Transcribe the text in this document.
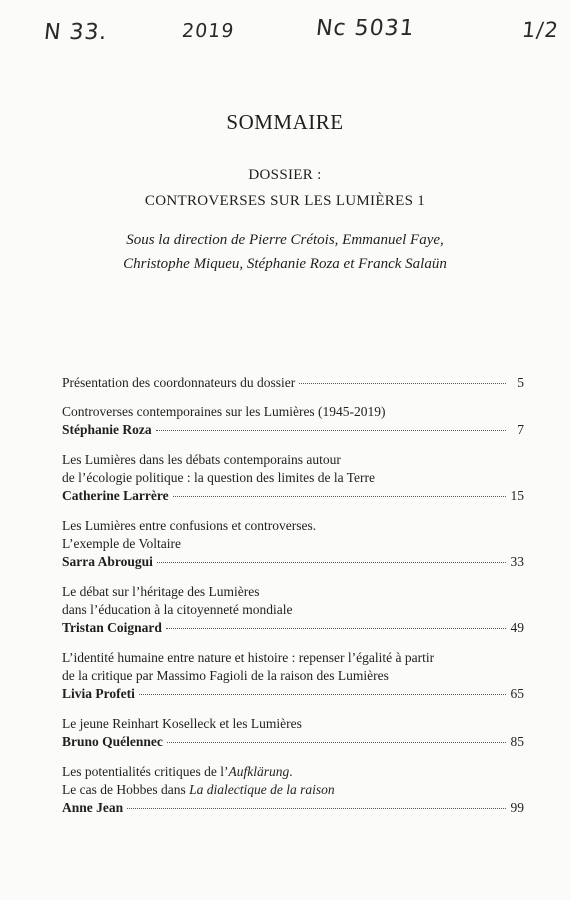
N 33.	2019	Nc 5031	1/2
SOMMAIRE
DOSSIER :
CONTROVERSES SUR LES LUMIÈRES 1
Sous la direction de Pierre Crétois, Emmanuel Faye,
Christophe Miqueu, Stéphanie Roza et Franck Salaün
Présentation des coordonnateurs du dossier	5
Controverses contemporaines sur les Lumières (1945-2019)
Stéphanie Roza	7
Les Lumières dans les débats contemporains autour
de l’écologie politique : la question des limites de la Terre
Catherine Larrère	15
Les Lumières entre confusions et controverses.
L’exemple de Voltaire
Sarra Abrougui	33
Le débat sur l’héritage des Lumières
dans l’éducation à la citoyenneté mondiale
Tristan Coignard	49
L’identité humaine entre nature et histoire : repenser l’égalité à partir
de la critique par Massimo Fagioli de la raison des Lumières
Livia Profeti	65
Le jeune Reinhart Koselleck et les Lumières
Bruno Quélennec	85
Les potentialités critiques de l’Aufklärung.
Le cas de Hobbes dans La dialectique de la raison
Anne Jean	99
